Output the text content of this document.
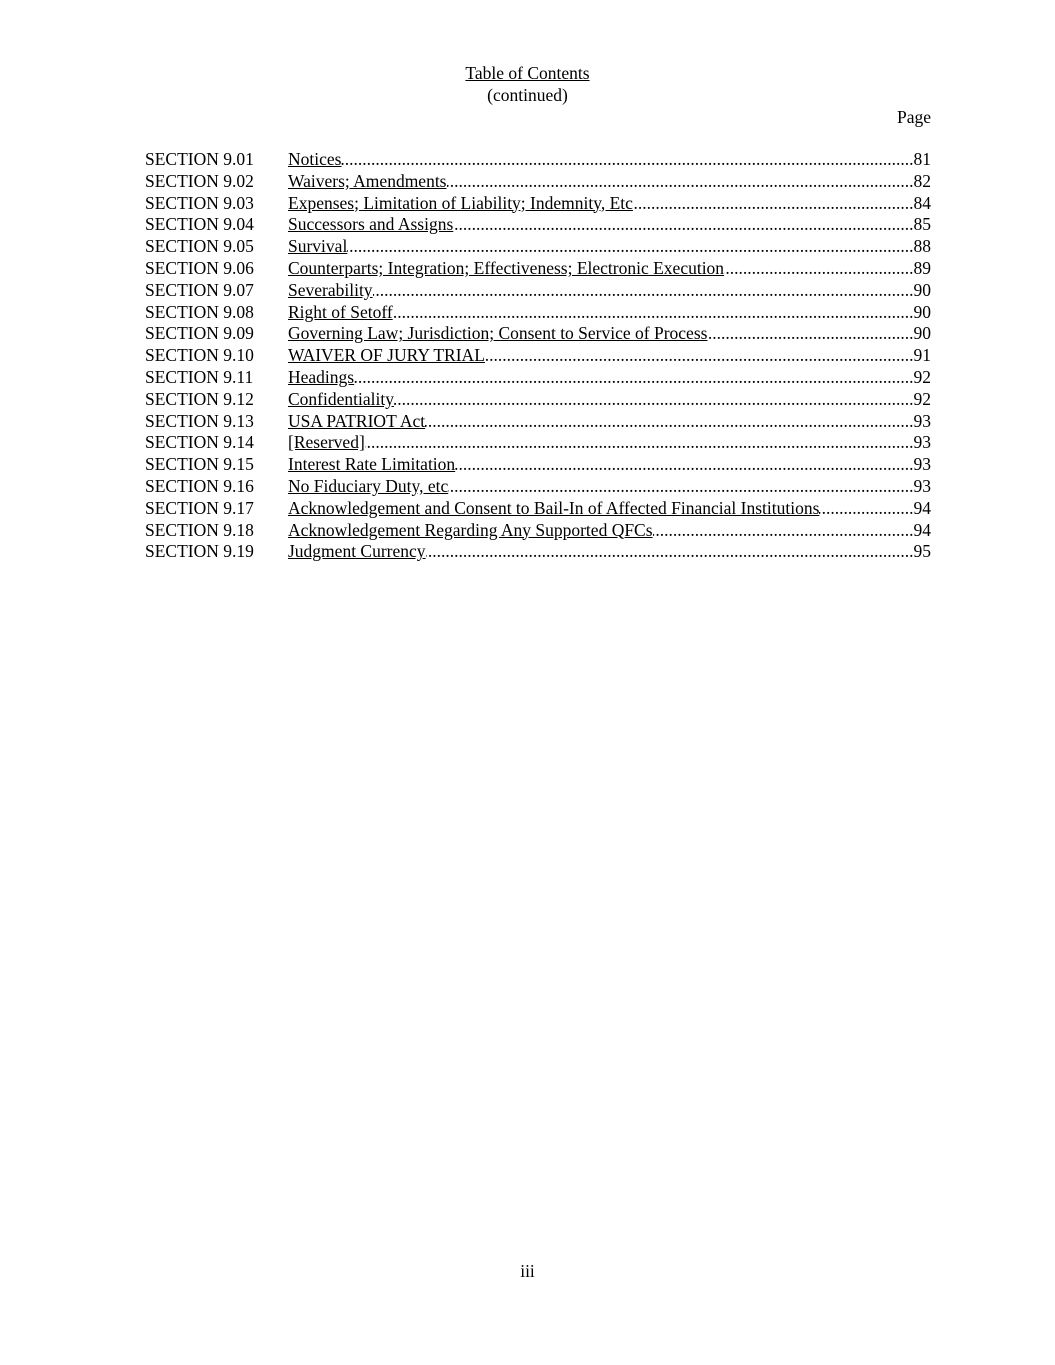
Table of Contents
(continued)
Page
SECTION 9.01	Notices .....	81
SECTION 9.02	Waivers; Amendments .....	82
SECTION 9.03	Expenses; Limitation of Liability; Indemnity, Etc .....	84
SECTION 9.04	Successors and Assigns .....	85
SECTION 9.05	Survival .....	88
SECTION 9.06	Counterparts; Integration; Effectiveness; Electronic Execution .....	89
SECTION 9.07	Severability .....	90
SECTION 9.08	Right of Setoff .....	90
SECTION 9.09	Governing Law; Jurisdiction; Consent to Service of Process .....	90
SECTION 9.10	WAIVER OF JURY TRIAL .....	91
SECTION 9.11	Headings .....	92
SECTION 9.12	Confidentiality .....	92
SECTION 9.13	USA PATRIOT Act .....	93
SECTION 9.14	[Reserved] .....	93
SECTION 9.15	Interest Rate Limitation .....	93
SECTION 9.16	No Fiduciary Duty, etc .....	93
SECTION 9.17	Acknowledgement and Consent to Bail-In of Affected Financial Institutions .....	94
SECTION 9.18	Acknowledgement Regarding Any Supported QFCs .....	94
SECTION 9.19	Judgment Currency .....	95
iii
